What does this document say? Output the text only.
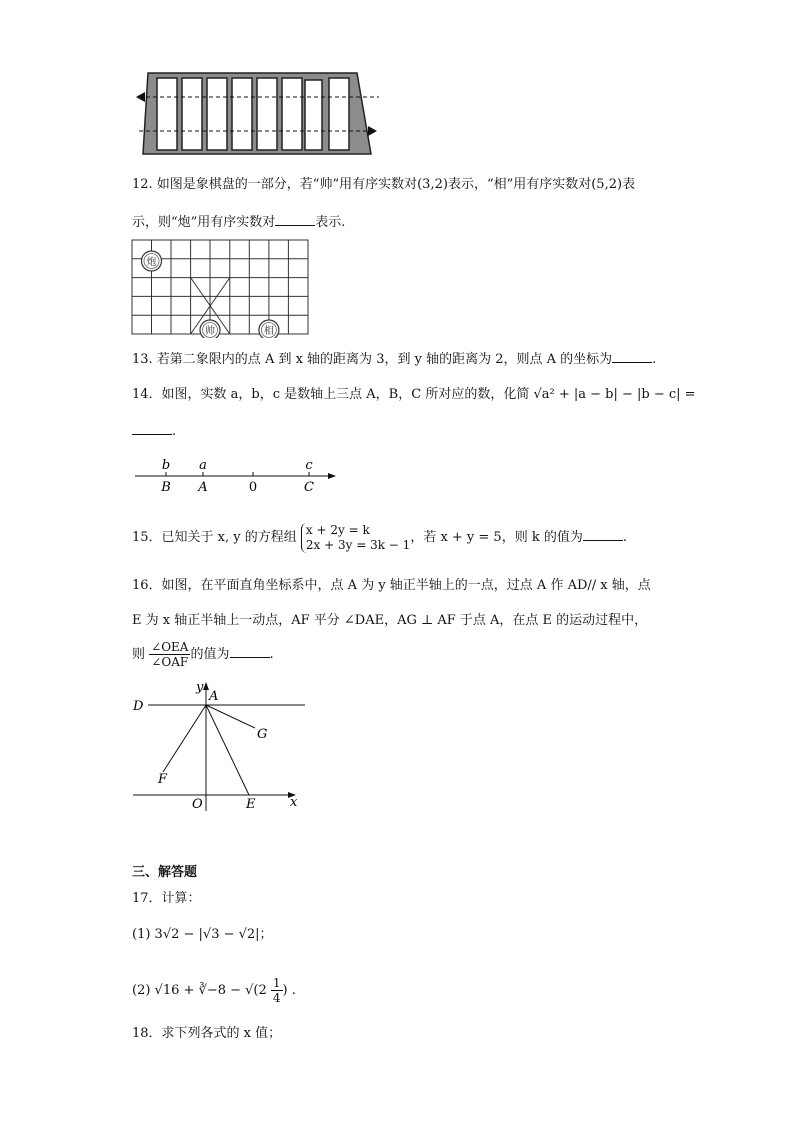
12. 如图是象棋盘的一部分，若“帅”用有序实数对(3,2)表示，“相”用有序实数对(5,2)表
示，则“炮”用有序实数对	表示.
炮
帅	相
13. 若第二象限内的点 A 到 x 轴的距离为 3，到 y 轴的距离为 2，则点 A 的坐标为	.
14．如图，实数 a，b，c 是数轴上三点 A，B，C 所对应的数，化简 √a² + |a − b| − |b − c| =
.
b a	c
B A	0	C
15．已知关于 x, y 的方程组
x + 2y = k
2x + 3y = 3k − 1 ，若 x + y = 5，则 k 的值为	.
16．如图，在平面直角坐标系中，点 A 为 y 轴正半轴上的一点，过点 A 作 AD// x 轴，点
E 为 x 轴正半轴上一动点，AF 平分 ∠DAE，AG ⊥ AF 于点 A，在点 E 的运动过程中，
则 $\frac{\text{∠OEA}}{\text{∠OAF}}$ 的值为	.
y
A
D
G
F
O	E	x
三、解答题
17．计算：
(1) 3√2 − |√3 − √2|；
(2) √16 + ∛−8 − $√(2 \frac{1}{4}$ ) .
18．求下列各式的 x 值；
